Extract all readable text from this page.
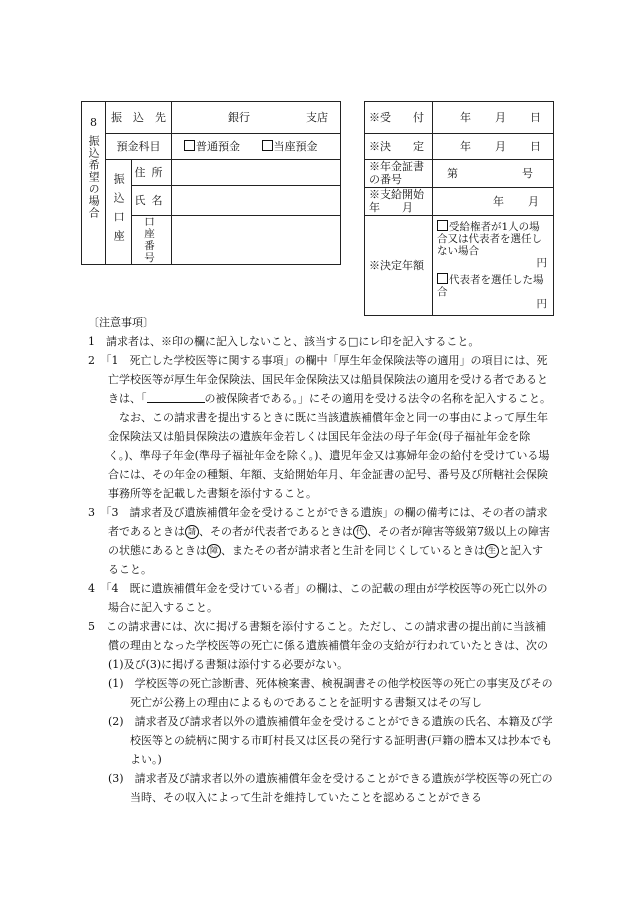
8
振込希望の場合	振　込　先		銀行 支店
	預金科目		普通預金 当座預金
	振込口座	住所	
		氏名	

		口座番号	

※受　　付	年 月 日
※決　　定	年 月 日

※年金証書の番号	第 号

※支給開始年　　月	年 月
※決定年額	受給権者が1人の場合又は代表者を選任しない場合
円
代表者を選任した場合
円

〔注意事項〕

1　請求者は、※印の欄に記入しないこと、該当する□にレ印を記入すること。

2　「1　死亡した学校医等に関する事項」の欄中「厚生年金保険法等の適用」の項目には、死亡学校医等が厚生年金保険法、国民年金保険法又は船員保険法の適用を受ける者であるときは、「	の被保険者である。」にその適用を受ける法令の名称を記入すること。

なお、この請求書を提出するときに既に当該遺族補償年金と同一の事由によって厚生年金保険法又は船員保険法の遺族年金若しくは国民年金法の母子年金(母子福祉年金を除く。)、準母子年金(準母子福祉年金を除く。)、遺児年金又は寡婦年金の給付を受けている場合には、その年金の種類、年額、支給開始年月、年金証書の記号、番号及び所轄社会保険事務所等を記載した書類を添付すること。

3　「3　請求者及び遺族補償年金を受けることができる遺族」の欄の備考には、その者の請求者であるときは 請 、その者が代表者であるときは 代 、その者が障害等級第7級以上の障害の状態にあるときは 障 、またその者が請求者と生計を同じくしているときは 生 と記入すること。

4　「4　既に遺族補償年金を受けている者」の欄は、この記載の理由が学校医等の死亡以外の場合に記入すること。

5　この請求書には、次に掲げる書類を添付すること。ただし、この請求書の提出前に当該補償の理由となった学校医等の死亡に係る遺族補償年金の支給が行われていたときは、次の(1)及び(3)に掲げる書類は添付する必要がない。

(1)　学校医等の死亡診断書、死体検案書、検視調書その他学校医等の死亡の事実及びその死亡が公務上の理由によるものであることを証明する書類又はその写し

(2)　請求者及び請求者以外の遺族補償年金を受けることができる遺族の氏名、本籍及び学校医等との続柄に関する市町村長又は区長の発行する証明書(戸籍の謄本又は抄本でもよい。)

(3)　請求者及び請求者以外の遺族補償年金を受けることができる遺族が学校医等の死亡の当時、その収入によって生計を維持していたことを認めることができる
